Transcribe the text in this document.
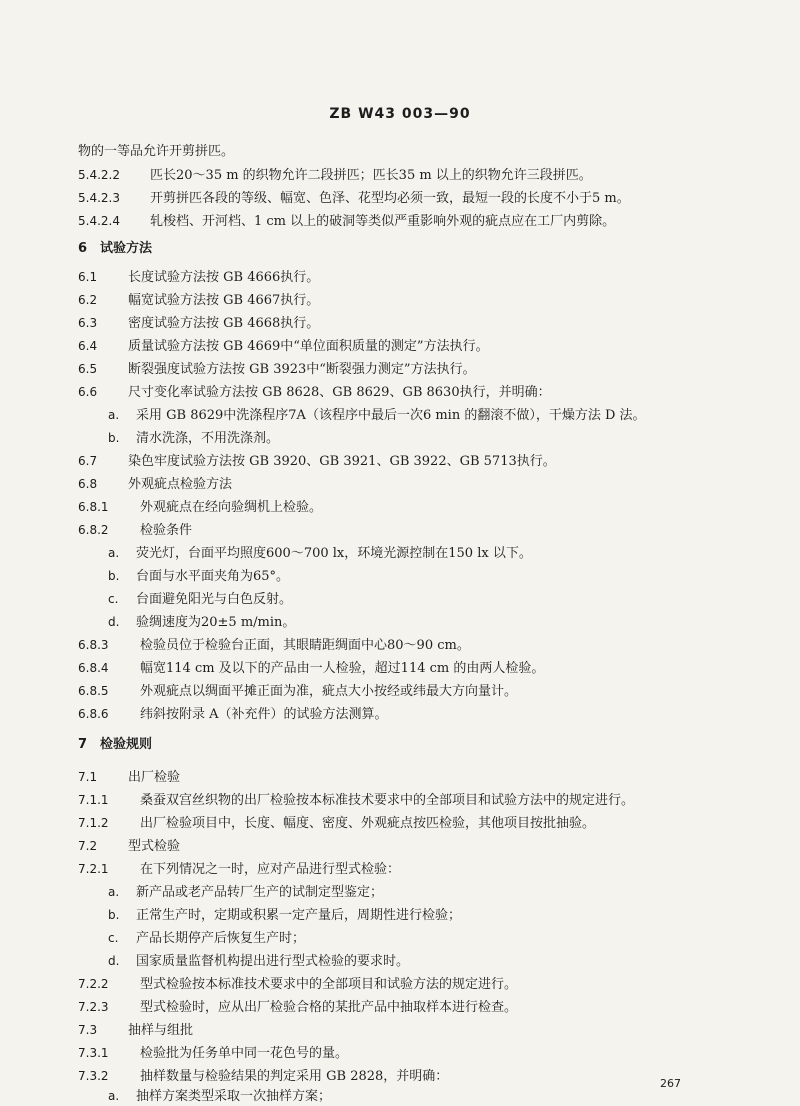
ZB W43 003—90
物的一等品允许开剪拼匹。
5.4.2.2 匹长20～35 m 的织物允许二段拼匹；匹长35 m 以上的织物允许三段拼匹。
5.4.2.3 开剪拼匹各段的等级、幅宽、色泽、花型均必须一致，最短一段的长度不小于5 m。
5.4.2.4 轧梭档、开河档、1 cm 以上的破洞等类似严重影响外观的疵点应在工厂内剪除。
6 试验方法
6.1 长度试验方法按 GB 4666执行。
6.2 幅宽试验方法按 GB 4667执行。
6.3 密度试验方法按 GB 4668执行。
6.4 质量试验方法按 GB 4669中“单位面积质量的测定”方法执行。
6.5 断裂强度试验方法按 GB 3923中“断裂强力测定”方法执行。
6.6 尺寸变化率试验方法按 GB 8628、GB 8629、GB 8630执行，并明确：
a. 采用 GB 8629中洗涤程序7A（该程序中最后一次6 min 的翻滚不做），干燥方法 D 法。
b. 清水洗涤，不用洗涤剂。
6.7 染色牢度试验方法按 GB 3920、GB 3921、GB 3922、GB 5713执行。
6.8 外观疵点检验方法
6.8.1 外观疵点在经向验绸机上检验。
6.8.2 检验条件
a. 荧光灯，台面平均照度600～700 lx，环境光源控制在150 lx 以下。
b. 台面与水平面夹角为65°。
c. 台面避免阳光与白色反射。
d. 验绸速度为20±5 m/min。
6.8.3 检验员位于检验台正面，其眼睛距绸面中心80～90 cm。
6.8.4 幅宽114 cm 及以下的产品由一人检验，超过114 cm 的由两人检验。
6.8.5 外观疵点以绸面平摊正面为准，疵点大小按经或纬最大方向量计。
6.8.6 纬斜按附录 A（补充件）的试验方法测算。
7 检验规则
7.1 出厂检验
7.1.1 桑蚕双宫丝织物的出厂检验按本标准技术要求中的全部项目和试验方法中的规定进行。
7.1.2 出厂检验项目中，长度、幅度、密度、外观疵点按匹检验，其他项目按批抽验。
7.2 型式检验
7.2.1 在下列情况之一时，应对产品进行型式检验：
a. 新产品或老产品转厂生产的试制定型鉴定；
b. 正常生产时，定期或积累一定产量后，周期性进行检验；
c. 产品长期停产后恢复生产时；
d. 国家质量监督机构提出进行型式检验的要求时。
7.2.2 型式检验按本标准技术要求中的全部项目和试验方法的规定进行。
7.2.3 型式检验时，应从出厂检验合格的某批产品中抽取样本进行检查。
7.3 抽样与组批
7.3.1 检验批为任务单中同一花色号的量。
7.3.2 抽样数量与检验结果的判定采用 GB 2828，并明确：
a. 抽样方案类型采取一次抽样方案；
267
